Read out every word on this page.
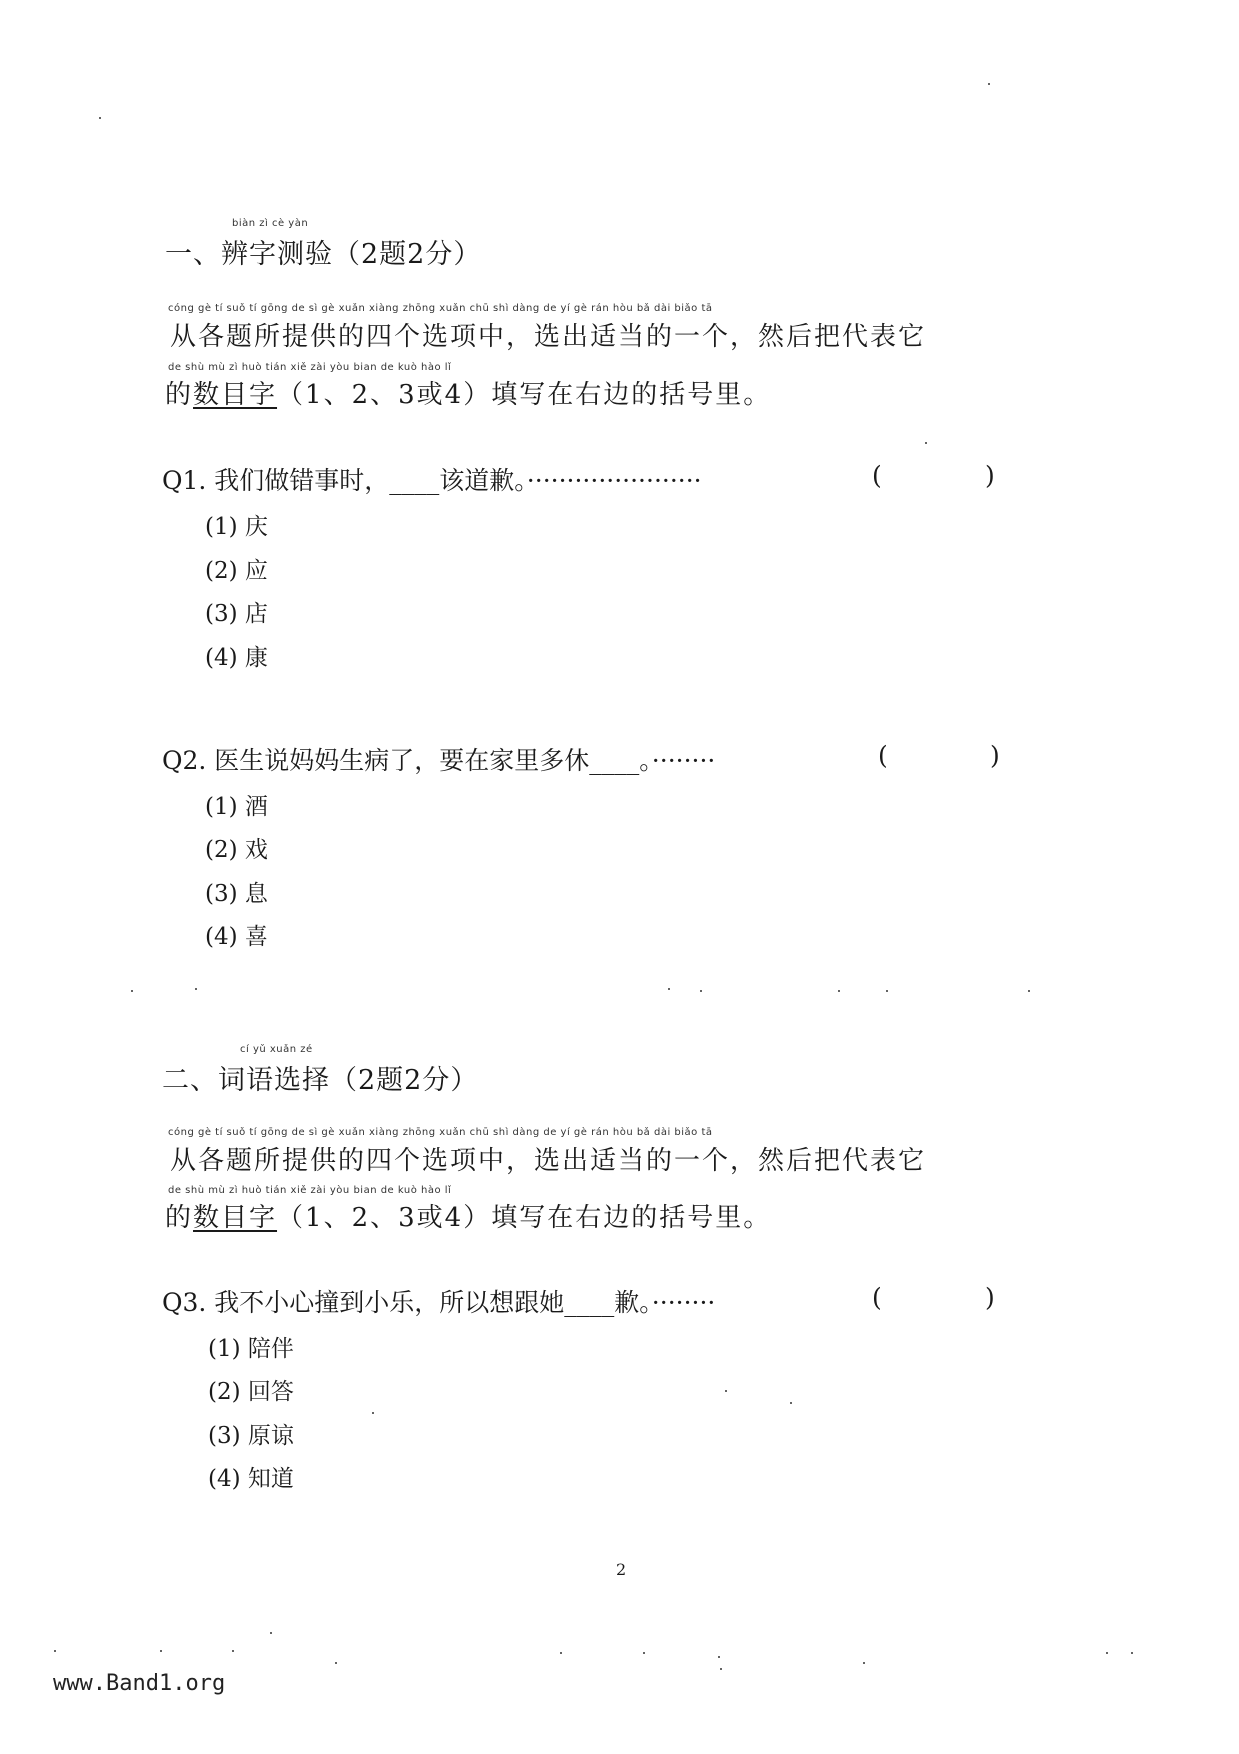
biàn zì cè yàn
一、辨字测验（2题2分）
cóng gè tí suǒ tí gōng de sì gè xuǎn xiàng zhōng xuǎn chū shì dàng de yí gè rán hòu bǎ dài biǎo tā
从各题所提供的四个选项中，选出适当的一个，然后把代表它
de shù mù zì huò tián xiě zài yòu bian de kuò hào lǐ
的数目字（1、2、3或4）填写在右边的括号里。
Q1. 我们做错事时，____该道歉。······················	(	)
(1) 庆
(2) 应
(3) 店
(4) 康
Q2. 医生说妈妈生病了，要在家里多休____。········	(	)
(1) 酒
(2) 戏
(3) 息
(4) 喜
cí yǔ xuǎn zé
二、词语选择（2题2分）
cóng gè tí suǒ tí gōng de sì gè xuǎn xiàng zhōng xuǎn chū shì dàng de yí gè rán hòu bǎ dài biǎo tā
从各题所提供的四个选项中，选出适当的一个，然后把代表它
de shù mù zì huò tián xiě zài yòu bian de kuò hào lǐ
的数目字（1、2、3或4）填写在右边的括号里。
Q3. 我不小心撞到小乐，所以想跟她____歉。········	(	)
(1) 陪伴
(2) 回答
(3) 原谅
(4) 知道
2
www.Band1.org
